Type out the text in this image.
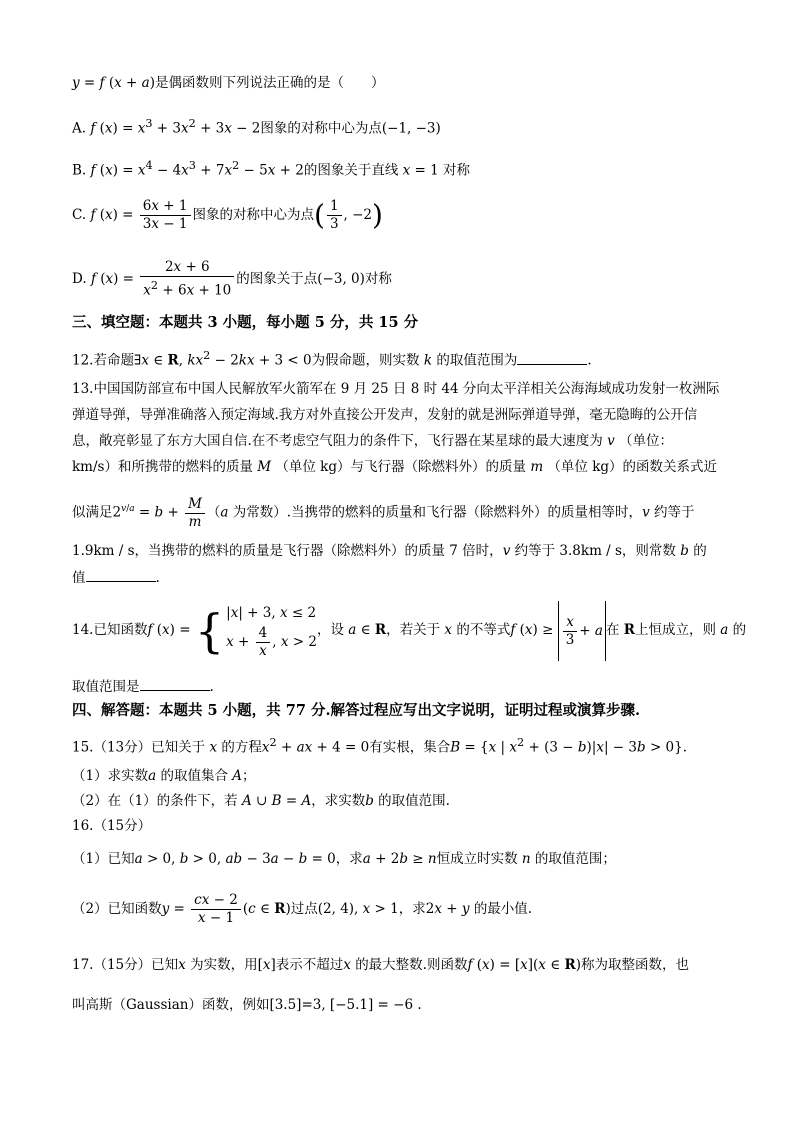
y = f (x + a)是偶函数则下列说法正确的是（　　）
A. f $(x) = x^3 + 3x^2 + 3x - 2$图象的对称中心为点(−1, −3)
B. f $(x) = x^4 - 4x^3 + 7x^2 - 5x + 2$的图象关于直线 x = 1 对称
C. f $(x) = \frac{6x + 1}{3x - 1}$ 图象的对称中心为点( $\frac{1}{3}$ , −2)
D. f $(x) = \frac{2x + 6}{x^2 + 6x + 10}$ 的图象关于点(−3, 0)对称
三、填空题：本题共 3 小题，每小题 5 分，共 15 分
12.若命题∃x ∈ R, $kx^2 - 2kx + 3 < 0$为假命题，则实数 k 的取值范围为	.
13.中国国防部宣布中国人民解放军火箭军在 9 月 25 日 8 时 44 分向太平洋相关公海海域成功发射一枚洲际
弹道导弹，导弹准确落入预定海域.我方对外直接公开发声，发射的就是洲际弹道导弹，毫无隐晦的公开信
息，敞亮彰显了东方大国自信.在不考虑空气阻力的条件下，飞行器在某星球的最大速度为 v （单位：
km/s）和所携带的燃料的质量 M （单位 kg）与飞行器（除燃料外）的质量 m （单位 kg）的函数关系式近
似满足$2^{v/a} = b + \frac{M}{m} (a$ 为常数）.当携带的燃料的质量和飞行器（除燃料外）的质量相等时，v 约等于
1.9km / s，当携带的燃料的质量是飞行器（除燃料外）的质量 7 倍时，v 约等于 3.8km / s，则常数 b 的
值	.
14.已知函数f (x) = { |x| + 3, x ≤ 2
$x + \frac{4}{x}$ , x > 2
，设 a ∈ R，若关于 x 的不等式f $(x) \ge \frac{x}{3} + a$ 在 R上恒成立，则 a 的
取值范围是	.
四、解答题：本题共 5 小题，共 77 分.解答过程应写出文字说明，证明过程或演算步骤.
15.（13分）已知关于 x 的方程$x^2$ + ax + 4 = 0有实根，集合B = {x | $x^2 + (3 - b)|x| - 3b > 0$}.
（1）求实数a 的取值集合 A；
（2）在（1）的条件下，若 A ∪ B = A，求实数b 的取值范围.
16.（15分）
（1）已知a > 0, b > 0, ab − 3a − b = 0，求a + 2b ≥ n恒成立时实数 n 的取值范围；
（2）已知函数$y = \frac{cx - 2}{x - 1} (c$ ∈ R)过点(2, 4), x > 1，求2x + y 的最小值.
17.（15分）已知x 为实数，用[x]表示不超过x 的最大整数.则函数f (x) = [x](x ∈ R)称为取整函数，也
叫高斯（Gaussian）函数，例如[3.5]=3, [−5.1] = −6 .
